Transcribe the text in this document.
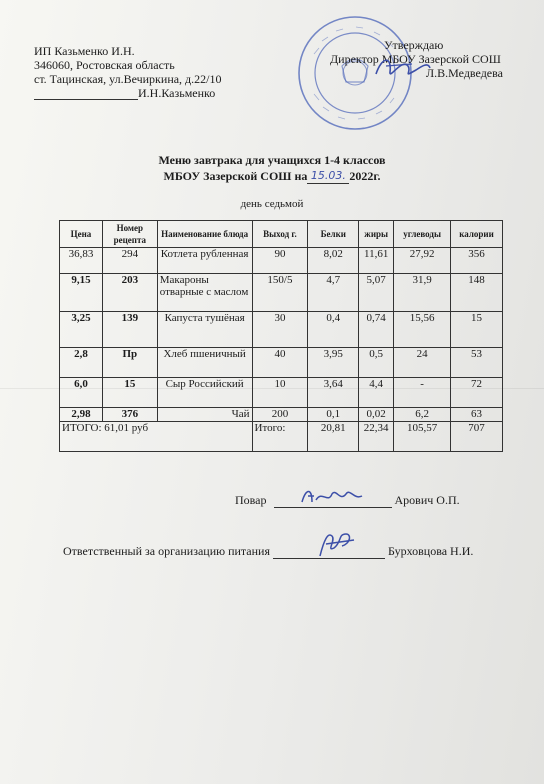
ИП Казьменко И.Н.
346060, Ростовская область
ст. Тацинская, ул.Вечиркина, д.22/10
И.Н.Казьменко
Утверждаю
Директор МБОУ Зазерской СОШ
Л.В.Медведева
Меню завтрака для учащихся 1-4 классов
МБОУ Зазерской СОШ на 15.03. 2022г.
день седьмой
Цена	Номер рецепта	Наименование блюда	Выход г.	Белки	жиры	углеводы	калории
36,83	294	Котлета рубленная	90	8,02	11,61	27,92	356
9,15	203	Макароны отварные с маслом	150/5	4,7	5,07	31,9	148
3,25	139	Капуста тушёная	30	0,4	0,74	15,56	15
2,8	Пр	Хлеб пшеничный	40	3,95	0,5	24	53
6,0	15	Сыр Российский	10	3,64	4,4	-	72
2,98	376	Чай	200	0,1	0,02	6,2	63
ИТОГО: 61,01 руб			Итого:	20,81	22,34	105,57	707
Повар	Арович О.П.
Ответственный за организацию питания	Бурховцова Н.И.
